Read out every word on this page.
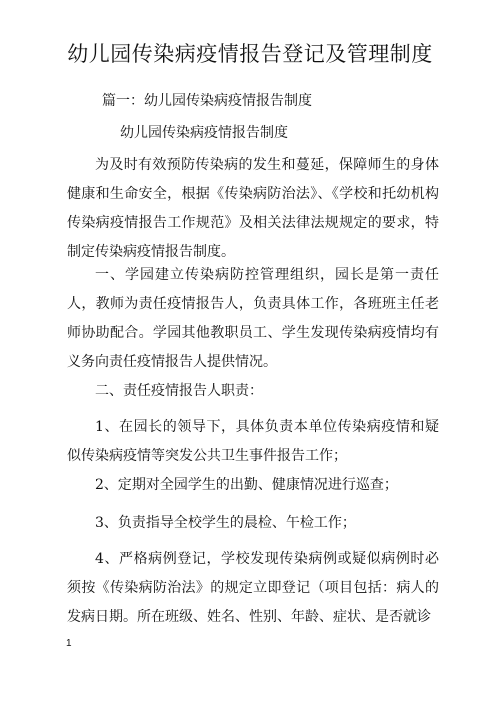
幼儿园传染病疫情报告登记及管理制度

篇一：幼儿园传染病疫情报告制度

幼儿园传染病疫情报告制度

为及时有效预防传染病的发生和蔓延，保障师生的身体健康和生命安全，根据《传染病防治法》、《学校和托幼机构传染病疫情报告工作规范》及相关法律法规规定的要求，特制定传染病疫情报告制度。

一、学园建立传染病防控管理组织，园长是第一责任人，教师为责任疫情报告人，负责具体工作，各班班主任老师协助配合。学园其他教职员工、学生发现传染病疫情均有义务向责任疫情报告人提供情况。

二、责任疫情报告人职责：

1、在园长的领导下，具体负责本单位传染病疫情和疑似传染病疫情等突发公共卫生事件报告工作；

2、定期对全园学生的出勤、健康情况进行巡查；

3、负责指导全校学生的晨检、午检工作；

4、严格病例登记，学校发现传染病例或疑似病例时必须按《传染病防治法》的规定立即登记（项目包括：病人的发病日期。所在班级、姓名、性别、年龄、症状、是否就诊

1
